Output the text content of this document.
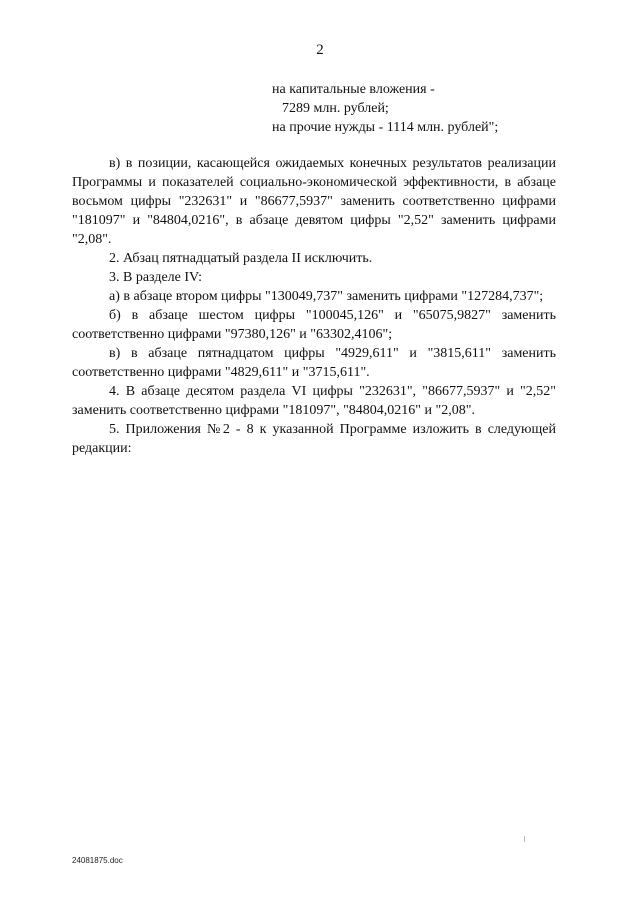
2
на капитальные вложения -
7289 млн. рублей;
на прочие нужды - 1114 млн. рублей";

в) в позиции, касающейся ожидаемых конечных результатов реализации Программы и показателей социально-экономической эффективности, в абзаце восьмом цифры "232631" и "86677,5937" заменить соответственно цифрами "181097" и "84804,0216", в абзаце девятом цифры "2,52" заменить цифрами "2,08".

2. Абзац пятнадцатый раздела II исключить.

3. В разделе IV:

а) в абзаце втором цифры "130049,737" заменить цифрами "127284,737";

б) в абзаце шестом цифры "100045,126" и "65075,9827" заменить соответственно цифрами "97380,126" и "63302,4106";

в) в абзаце пятнадцатом цифры "4929,611" и "3815,611" заменить соответственно цифрами "4829,611" и "3715,611".

4. В абзаце десятом раздела VI цифры "232631", "86677,5937" и "2,52" заменить соответственно цифрами "181097", "84804,0216" и "2,08".

5. Приложения №2 - 8 к указанной Программе изложить в следующей редакции:

24081875.doc
